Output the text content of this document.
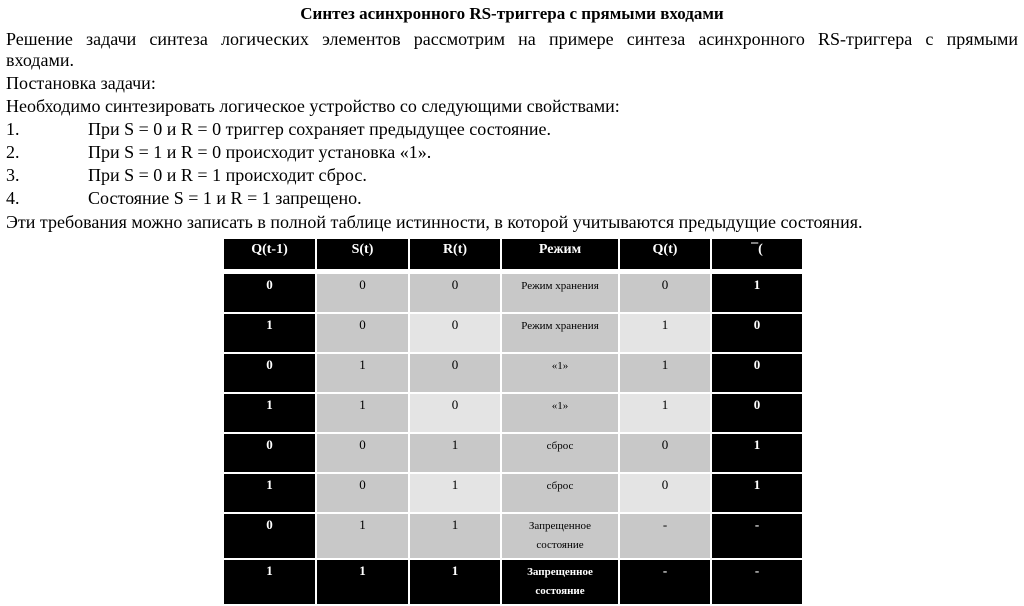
Синтез асинхронного RS-триггера с прямыми входами
Решение задачи синтеза логических элементов рассмотрим на примере синтеза асинхронного RS-триггера с прямыми
входами.
Постановка задачи:
Необходимо синтезировать логическое устройство со следующими свойствами:
1.	При S = 0 и R = 0 триггер сохраняет предыдущее состояние.
2.	При S = 1 и R = 0 происходит установка «1».
3.	При S = 0 и R = 1 происходит сброс.
4.	Состояние S = 1 и R = 1 запрещено.
Эти требования можно записать в полной таблице истинности, в которой учитываются предыдущие состояния.
Q(t-1)	S(t)	R(t)	Режим	Q(t)	¯(

0	0	0	Режим хранения	0	1
1	0	0	Режим хранения	1	0
0	1	0	«1»	1	0
1	1	0	«1»	1	0
0	0	1	сброс	0	1
1	0	1	сброс	0	1
0	1	1	Запрещенное состояние	-	-
1	1	1	Запрещенное состояние	-	-
